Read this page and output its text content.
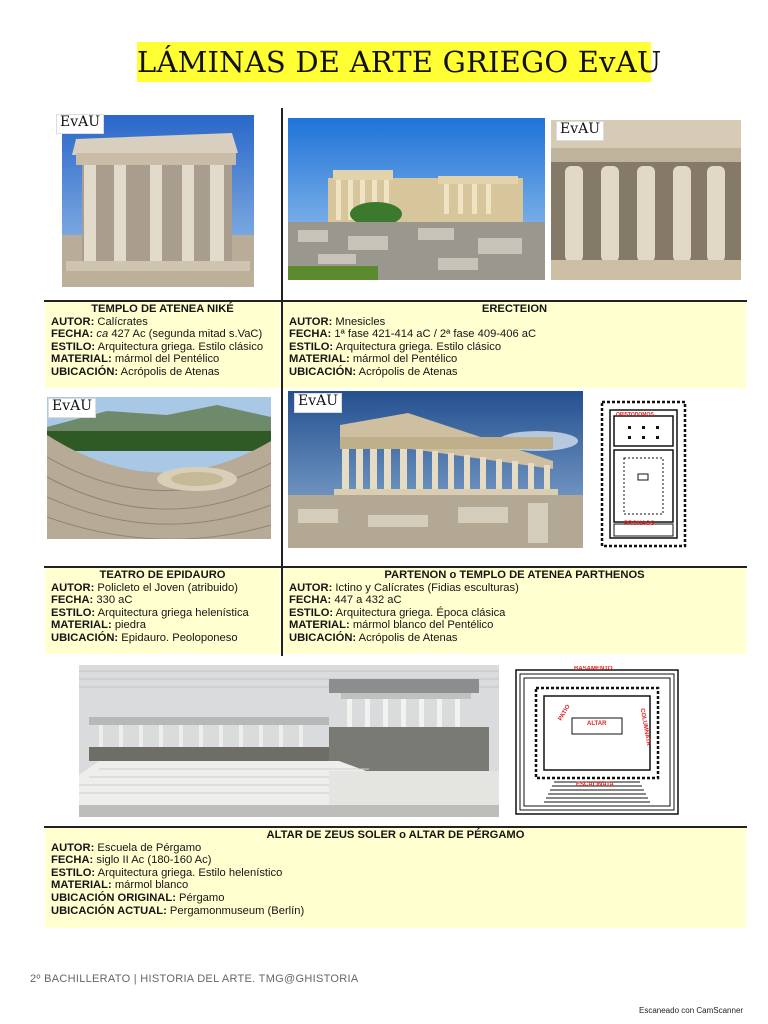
LÁMINAS DE ARTE GRIEGO EvAU
EvAU
	EvAU

TEMPLO DE ATENEA NIKÉ
AUTOR: Calícrates
FECHA: ca 427 Ac (segunda mitad s.VaC)
ESTILO: Arquitectura griega. Estilo clásico
MATERIAL: mármol del Pentélico
UBICACIÓN: Acrópolis de Atenas
ERECTEION
AUTOR: Mnesicles
FECHA: 1ª fase 421-414 aC / 2ª fase 409-406 aC
ESTILO: Arquitectura griega. Estilo clásico
MATERIAL: mármol del Pentélico
UBICACIÓN: Acrópolis de Atenas
EvAU
	EvAU

OPISTODOMOS
PRONAOS
TEATRO DE EPIDAURO
AUTOR: Policleto el Joven (atribuido)
FECHA: 330 aC
ESTILO: Arquitectura griega helenística
MATERIAL: piedra
UBICACIÓN: Epidauro. Peoloponeso
PARTENON o TEMPLO DE ATENEA PARTHENOS
AUTOR: Ictino y Calícrates (Fidias esculturas)
FECHA: 447 a 432 aC
ESTILO: Arquitectura griega. Época clásica
MATERIAL: mármol blanco del Pentélico
UBICACIÓN: Acrópolis de Atenas
BASAMENTO
PATIO
ALTAR	COLUMNATA
ESCALINATA
ALTAR DE ZEUS SOLER o ALTAR DE PÉRGAMO
AUTOR: Escuela de Pérgamo
FECHA: siglo II Ac (180-160 Ac)
ESTILO: Arquitectura griega. Estilo helenístico
MATERIAL: mármol blanco
UBICACIÓN ORIGINAL: Pérgamo
UBICACIÓN ACTUAL: Pergamonmuseum (Berlín)
2º BACHILLERATO | HISTORIA DEL ARTE. TMG@GHISTORIA
Escaneado con CamScanner
